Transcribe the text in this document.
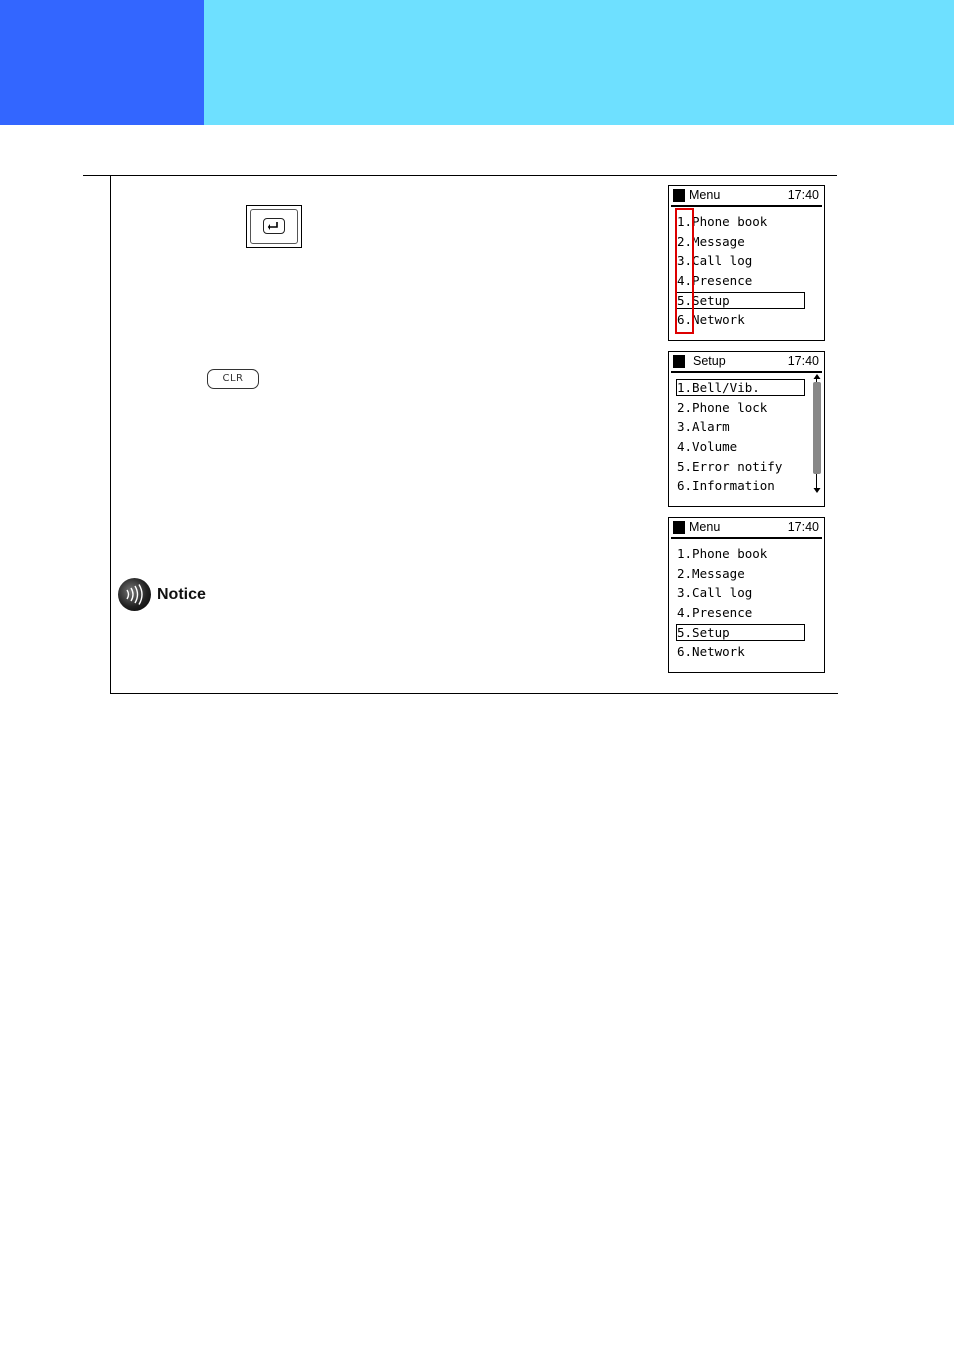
CLR
Notice
Menu	17:40
1.Phone book
2.Message
3.Call log
4.Presence
5.Setup
6.Network
Setup	17:40
1.Bell/Vib.
2.Phone lock
3.Alarm
4.Volume
5.Error notify
6.Information
Menu	17:40
1.Phone book
2.Message
3.Call log
4.Presence
5.Setup
6.Network
